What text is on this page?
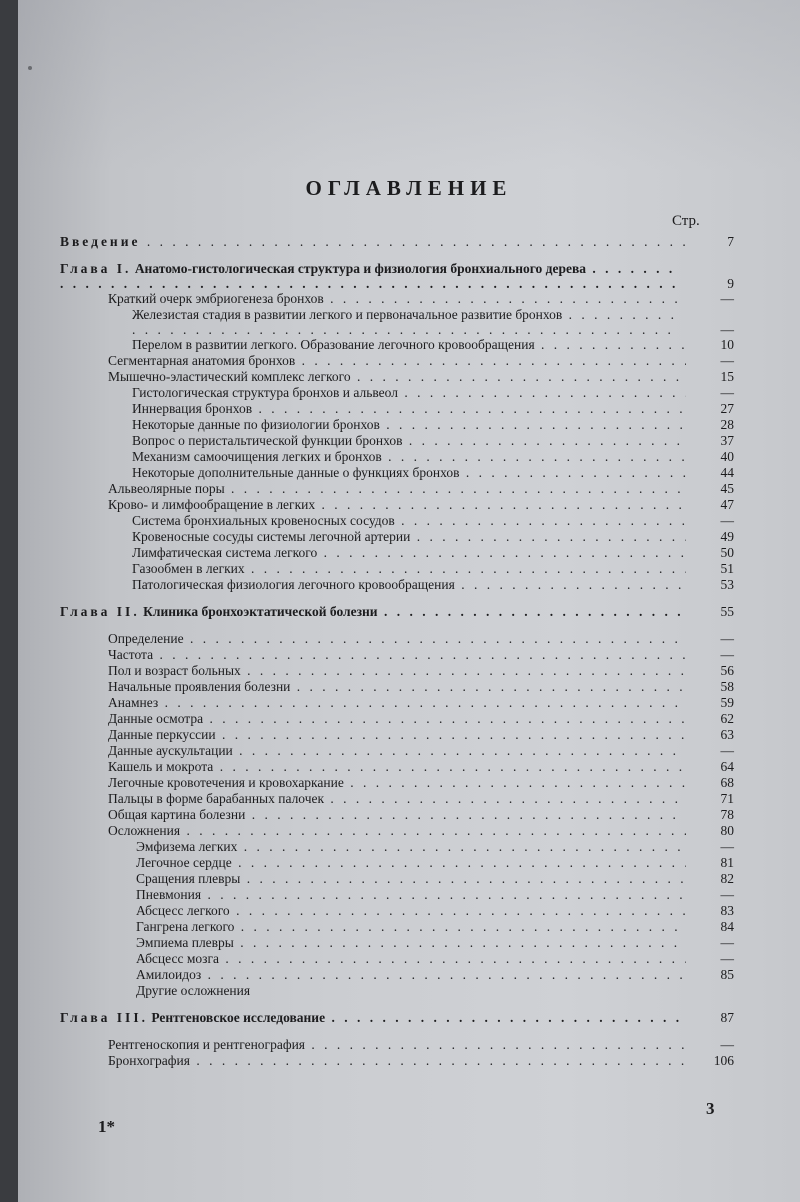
ОГЛАВЛЕНИЕ
Стр.
Введение . . .	7
Глава I. Анатомо-гистологическая структура и физиология бронхиального дерева . . .
9
Краткий очерк эмбриогенеза бронхов . . .	—
Железистая стадия в развитии легкого и первоначальное развитие бронхов . . .
—
Перелом в развитии легкого. Образование легочного кровообращения . . .	10
Сегментарная анатомия бронхов . . .	—
Мышечно-эластический комплекс легкого . . .	15
Гистологическая структура бронхов и альвеол . . .	—
Иннервация бронхов . . .	27
Некоторые данные по физиологии бронхов . . .	28
Вопрос о перистальтической функции бронхов . . .	37
Механизм самоочищения легких и бронхов . . .	40
Некоторые дополнительные данные о функциях бронхов . . .	44
Альвеолярные поры . . .	45
Крово- и лимфообращение в легких . . .	47
Система бронхиальных кровеносных сосудов . . .	—
Кровеносные сосуды системы легочной артерии . . .	49
Лимфатическая система легкого . . .	50
Газообмен в легких . . .	51
Патологическая физиология легочного кровообращения . . .	53
Глава II. Клиника бронхоэктатической болезни . . .	55
Определение . . .	—
Частота . . .	—
Пол и возраст больных . . .	56
Начальные проявления болезни . . .	58
Анамнез . . .	59
Данные осмотра . . .	62
Данные перкуссии . . .	63
Данные аускультации . . .	—
Кашель и мокрота . . .	64
Легочные кровотечения и кровохаркание . . .	68
Пальцы в форме барабанных палочек . . .	71
Общая картина болезни . . .	78
Осложнения . . .	80
Эмфизема легких . . .	—
Легочное сердце . . .	81
Сращения плевры . . .	82
Пневмония . . .	—
Абсцесс легкого . . .	83
Гангрена легкого . . .	84
Эмпиема плевры . . .	—
Абсцесс мозга . . .	—
Амилоидоз . . .	85
Другие осложнения
Глава III. Рентгеновское исследование . . .	87
Рентгеноскопия и рентгенография . . .	—
Бронхография . . .	106
1*
3
